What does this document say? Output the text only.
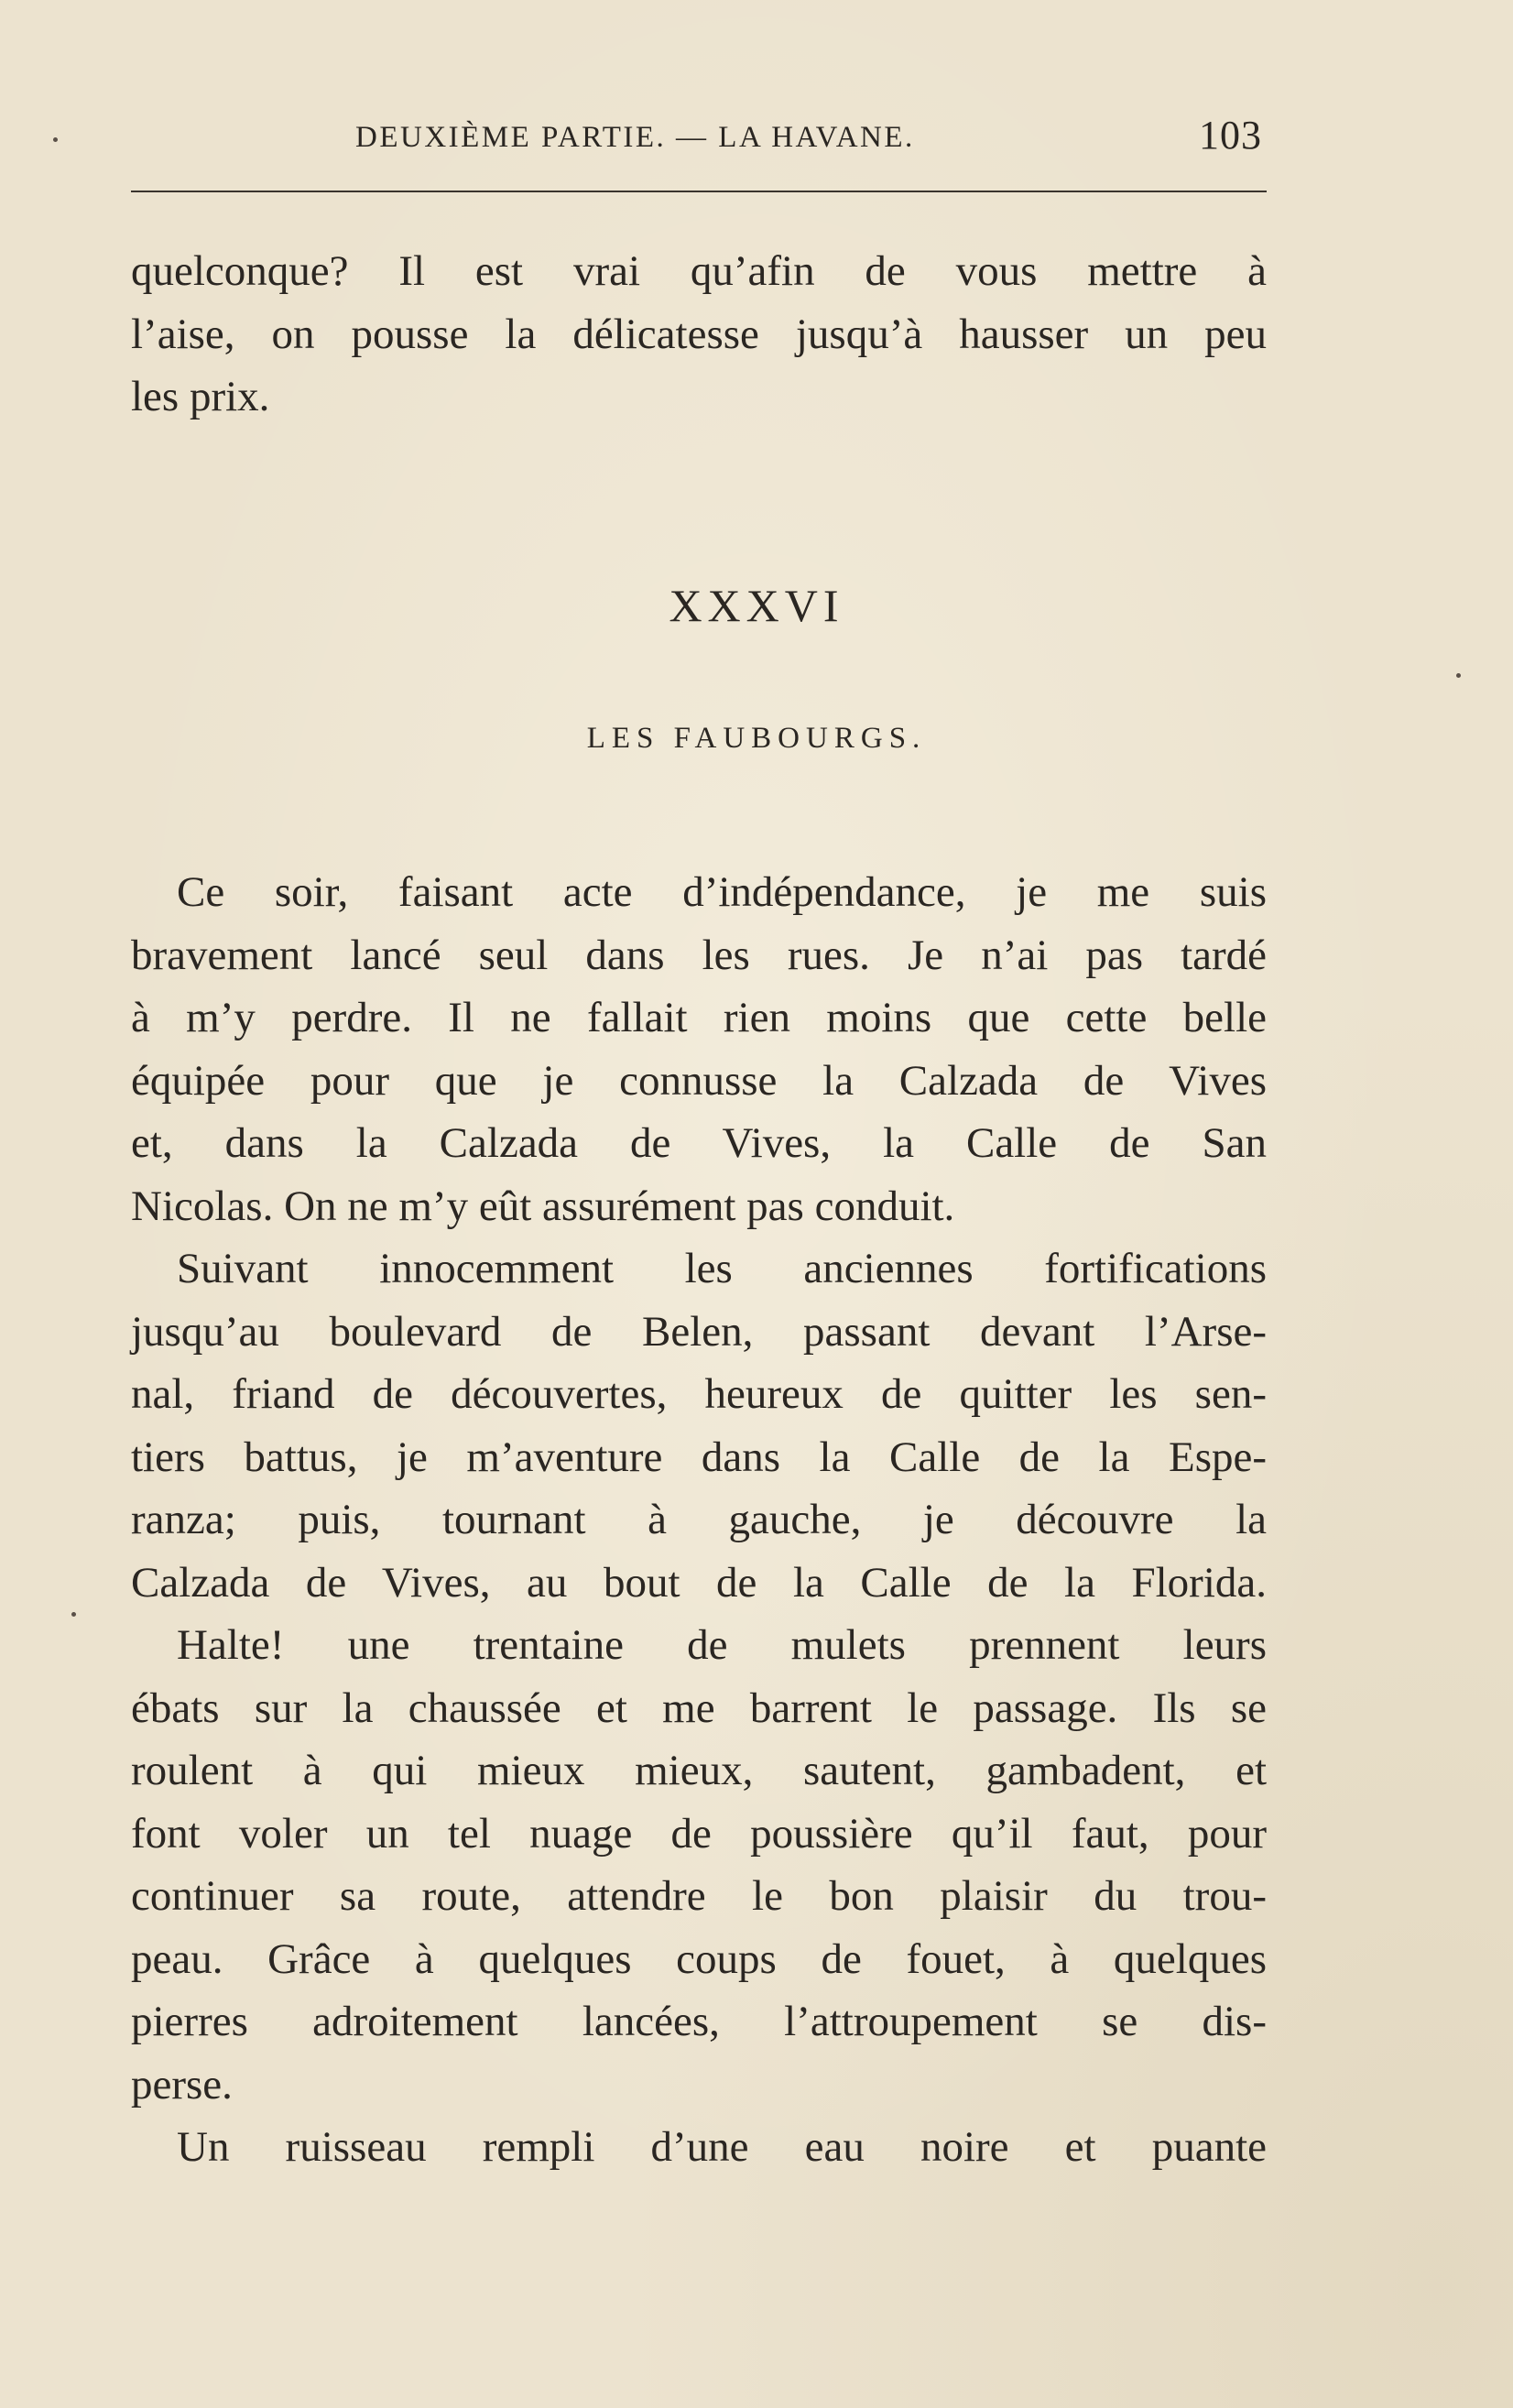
DEUXIÈME PARTIE. — LA HAVANE.	103
quelconque? Il est vrai qu’afin de vous mettre à
l’aise, on pousse la délicatesse jusqu’à hausser un peu
les prix.
XXXVI
LES FAUBOURGS.
Ce soir, faisant acte d’indépendance, je me suis
bravement lancé seul dans les rues. Je n’ai pas tardé
à m’y perdre. Il ne fallait rien moins que cette belle
équipée pour que je connusse la Calzada de Vives
et, dans la Calzada de Vives, la Calle de San
Nicolas. On ne m’y eût assurément pas conduit.
Suivant innocemment les anciennes fortifications
jusqu’au boulevard de Belen, passant devant l’Arse-
nal, friand de découvertes, heureux de quitter les sen-
tiers battus, je m’aventure dans la Calle de la Espe-
ranza; puis, tournant à gauche, je découvre la
Calzada de Vives, au bout de la Calle de la Florida.
Halte! une trentaine de mulets prennent leurs
ébats sur la chaussée et me barrent le passage. Ils se
roulent à qui mieux mieux, sautent, gambadent, et
font voler un tel nuage de poussière qu’il faut, pour
continuer sa route, attendre le bon plaisir du trou-
peau. Grâce à quelques coups de fouet, à quelques
pierres adroitement lancées, l’attroupement se dis-
perse.
Un ruisseau rempli d’une eau noire et puante
